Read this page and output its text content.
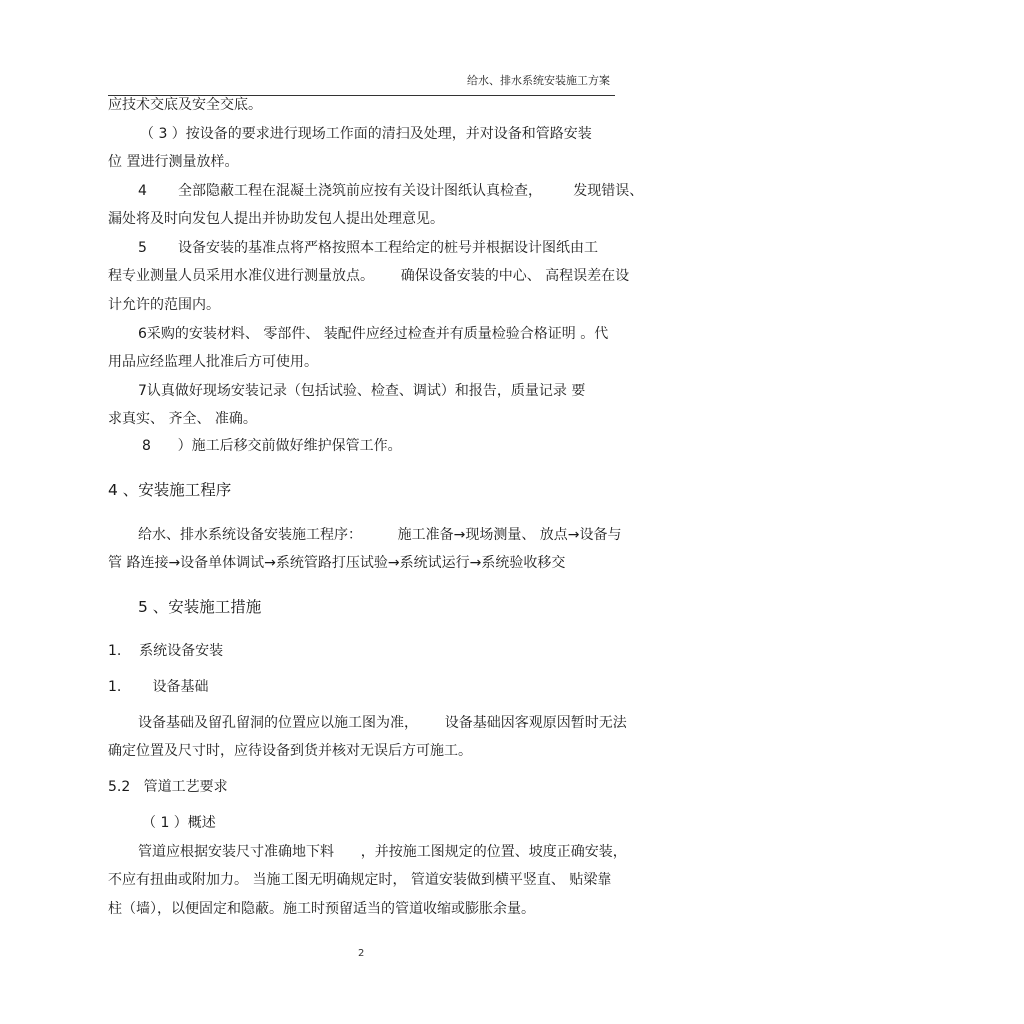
给水、排水系统安装施工方案
应技术交底及安全交底。
（ 3 ）按设备的要求进行现场工作面的清扫及处理，并对设备和管路安装
位 置进行测量放样。
4       全部隐蔽工程在混凝土浇筑前应按有关设计图纸认真检查，       发现错误、
漏处将及时向发包人提出并协助发包人提出处理意见。
5       设备安装的基准点将严格按照本工程给定的桩号并根据设计图纸由工
程专业测量人员采用水准仪进行测量放点。      确保设备安装的中心、 高程误差在设
计允许的范围内。
6采购的安装材料、 零部件、 装配件应经过检查并有质量检验合格证明 。代
用品应经监理人批准后方可使用。
7认真做好现场安装记录（包括试验、检查、调试）和报告，质量记录 要
求真实、 齐全、 准确。
8      ）施工后移交前做好维护保管工作。
4 、安装施工程序
给水、排水系统设备安装施工程序：        施工准备→现场测量、 放点→设备与
管 路连接→设备单体调试→系统管路打压试验→系统试运行→系统验收移交
5 、安装施工措施
1.    系统设备安装
1.       设备基础
设备基础及留孔留洞的位置应以施工图为准，      设备基础因客观原因暂时无法
确定位置及尺寸时，应待设备到货并核对无误后方可施工。
5.2   管道工艺要求
（ 1 ）概述
管道应根据安装尺寸准确地下料      ，并按施工图规定的位置、坡度正确安装，
不应有扭曲或附加力。 当施工图无明确规定时， 管道安装做到横平竖直、 贴梁靠
柱（墙），以便固定和隐蔽。施工时预留适当的管道收缩或膨胀余量。
2
